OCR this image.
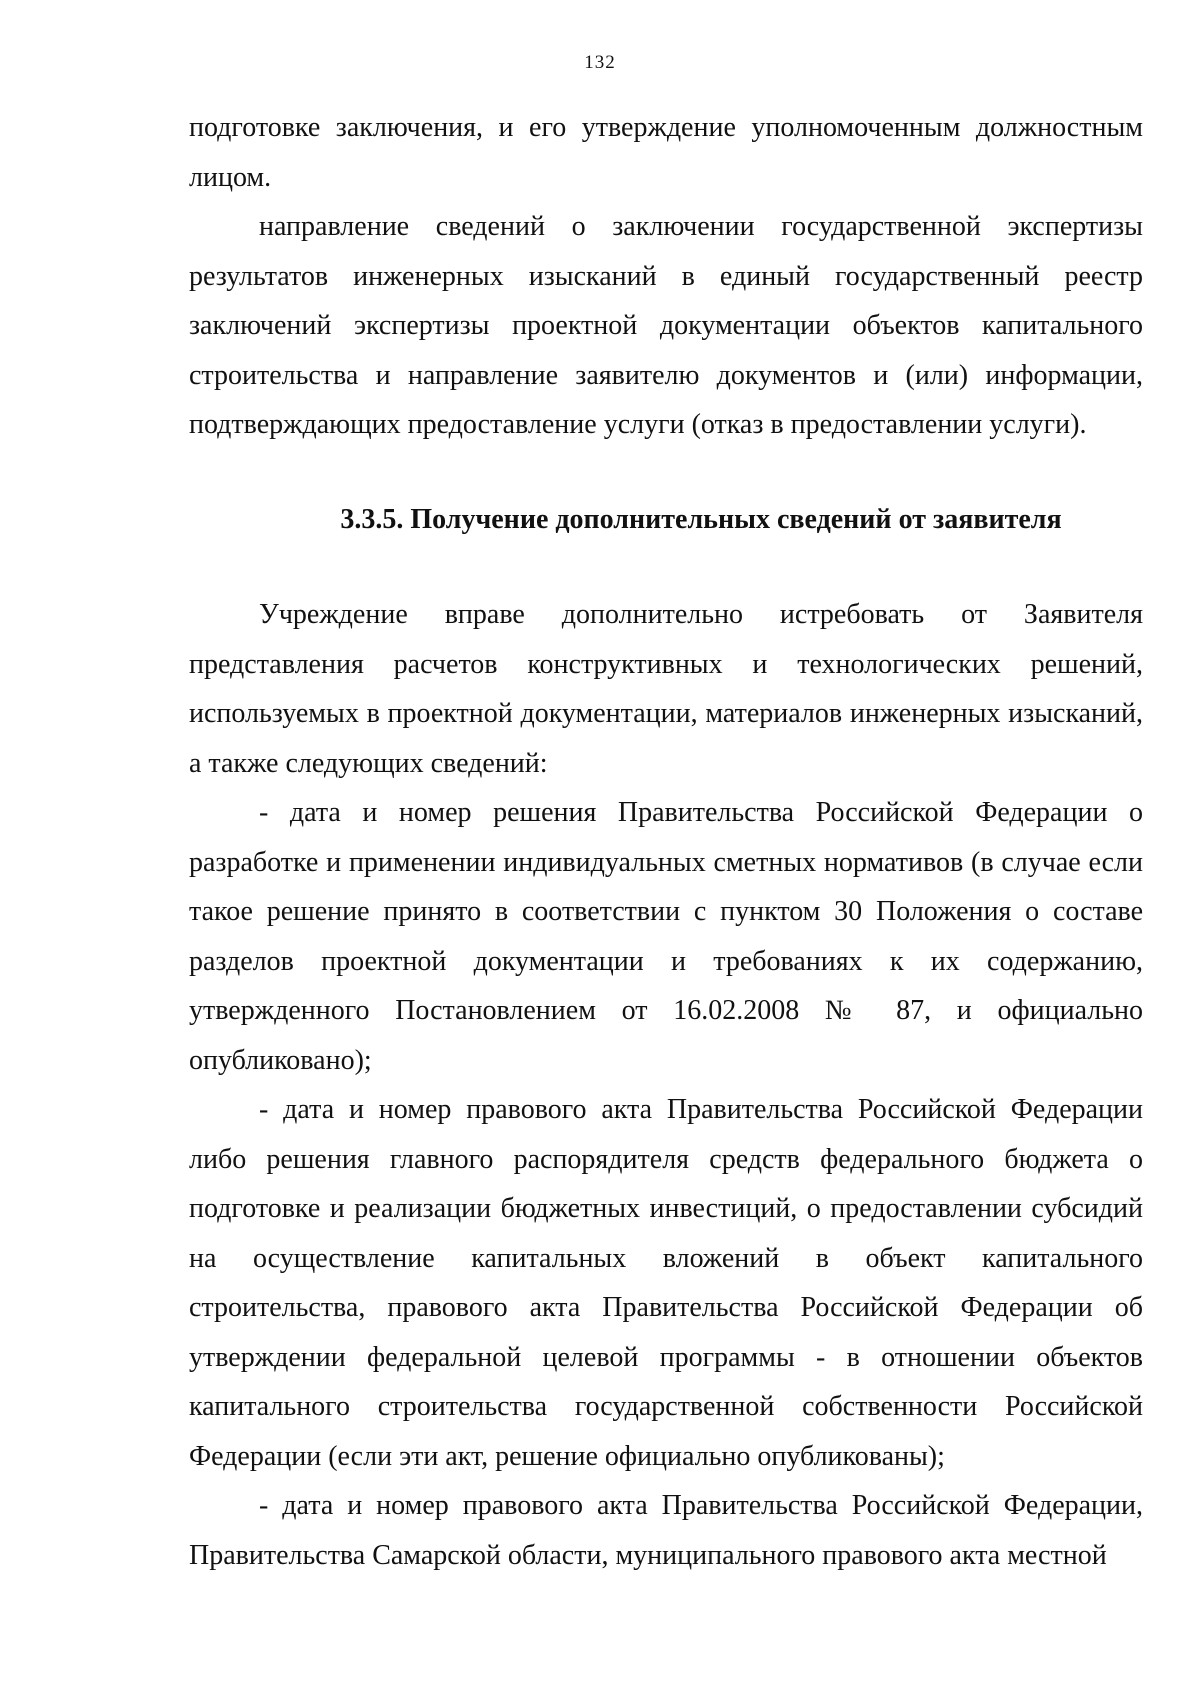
132

подготовке заключения, и его утверждение уполномоченным должностным лицом.

направление сведений о заключении государственной экспертизы результатов инженерных изысканий в единый государственный реестр заключений экспертизы проектной документации объектов капитального строительства и направление заявителю документов и (или) информации, подтверждающих предоставление услуги (отказ в предоставлении услуги).

3.3.5. Получение дополнительных сведений от заявителя

Учреждение вправе дополнительно истребовать от Заявителя представления расчетов конструктивных и технологических решений, используемых в проектной документации, материалов инженерных изысканий, а также следующих сведений:

- дата и номер решения Правительства Российской Федерации о разработке и применении индивидуальных сметных нормативов (в случае если такое решение принято в соответствии с пунктом 30 Положения о составе разделов проектной документации и требованиях к их содержанию, утвержденного Постановлением от 16.02.2008 № 87, и официально опубликовано);

- дата и номер правового акта Правительства Российской Федерации либо решения главного распорядителя средств федерального бюджета о подготовке и реализации бюджетных инвестиций, о предоставлении субсидий на осуществление капитальных вложений в объект капитального строительства, правового акта Правительства Российской Федерации об утверждении федеральной целевой программы - в отношении объектов капитального строительства государственной собственности Российской Федерации (если эти акт, решение официально опубликованы);

- дата и номер правового акта Правительства Российской Федерации, Правительства Самарской области, муниципального правового акта местной
